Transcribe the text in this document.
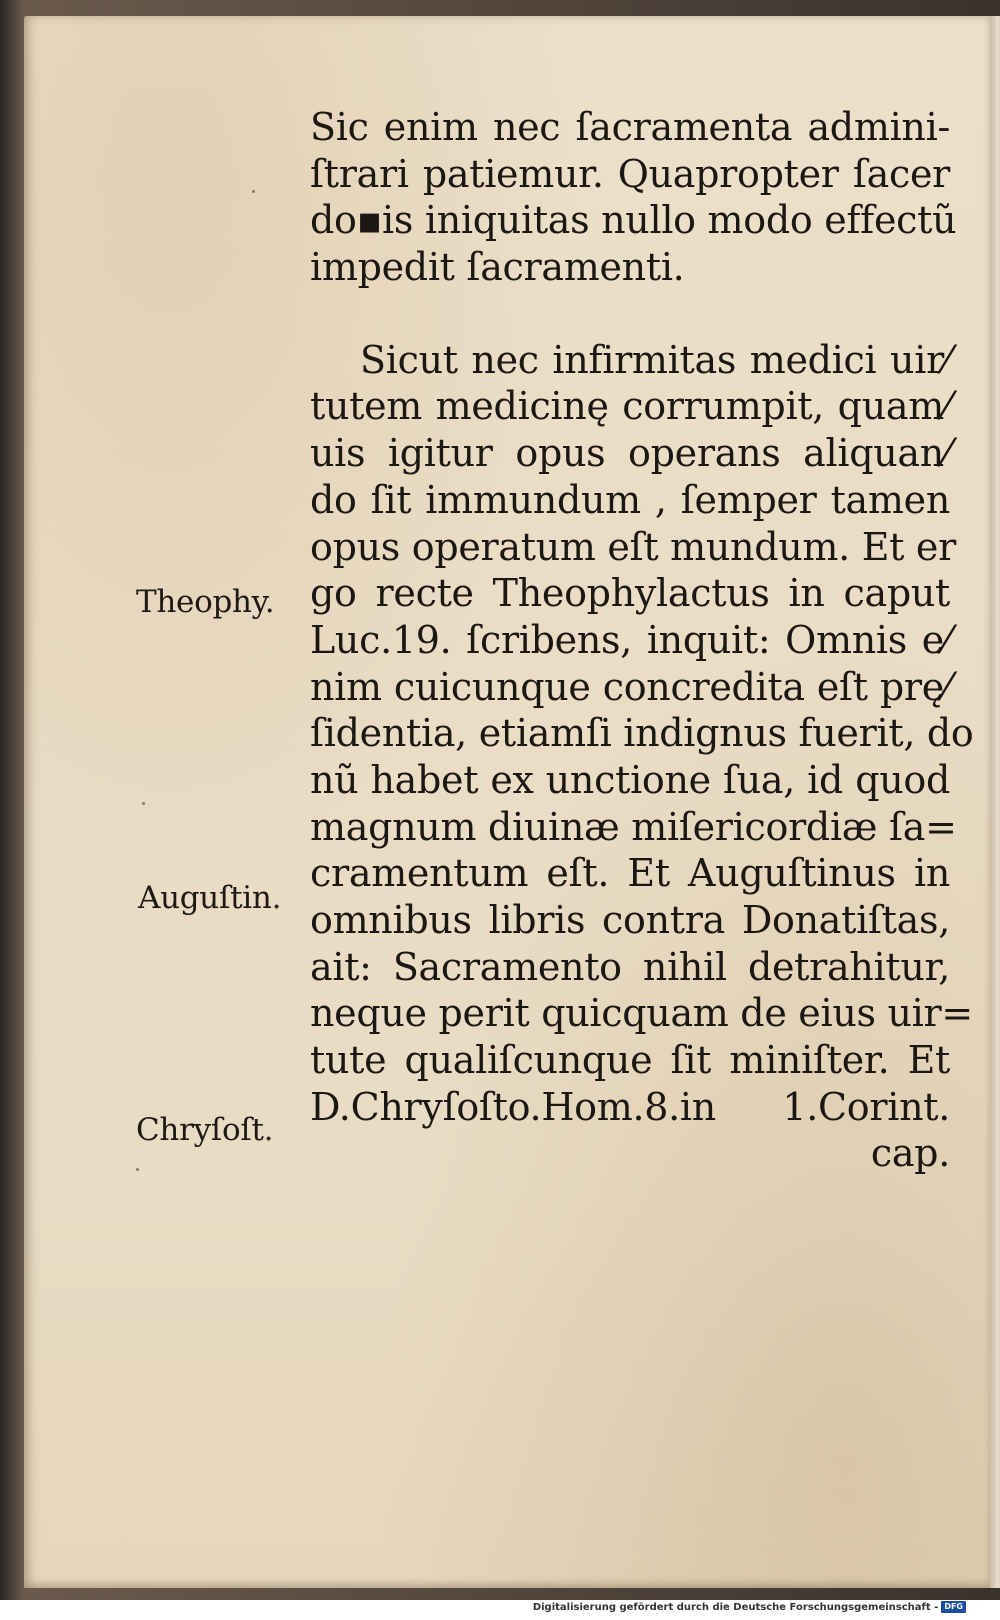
Theophy.
Auguſtin.
Chryſoſt.
Sic enim nec ſacramenta admini-
ſtrari patiemur. Quapropter ſacer
do▪is iniquitas nullo modo effectũ
impedit ſacramenti.
Sicut nec infirmitas medici uir⁄
tutem medicinę corrumpit, quam⁄
uis igitur opus operans aliquan⁄
do ſit immundum , ſemper tamen
opus operatum eſt mundum. Et er
go recte Theophylactus in caput
Luc.19. ſcribens, inquit: Omnis e⁄
nim cuicunque concredita eſt prę⁄
ſidentia, etiamſi indignus fuerit, do
nũ habet ex unctione ſua, id quod
magnum diuinæ miſericordiæ ſa=
cramentum eſt. Et Auguſtinus in
omnibus libris contra Donatiſtas,
ait: Sacramento nihil detrahitur,
neque perit quicquam de eius uir=
tute qualiſcunque ſit miniſter. Et
D.Chryſoſto.Hom.8.in 1.Corint.
cap.
Digitalisierung gefördert durch die Deutsche Forschungsgemeinschaft - DFG
